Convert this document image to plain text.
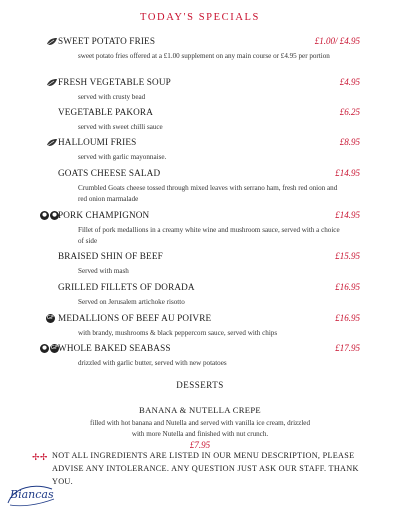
TODAY'S SPECIALS
SWEET POTATO FRIES	£1.00/ £4.95
sweet potato fries offered at a £1.00 supplement on any main course or £4.95 per portion
FRESH VEGETABLE SOUP	£4.95
served with crusty bead
VEGETABLE PAKORA	£6.25
served with sweet chilli sauce
HALLOUMI FRIES	£8.95
served with garlic mayonnaise.
GOATS CHEESE SALAD	£14.95
Crumbled Goats cheese tossed through mixed leaves with serrano ham, fresh red onion and red onion marmalade
● ● PORK CHAMPIGNON	£14.95
Fillet of pork medallions in a creamy white wine and mushroom sauce, served with a choice of side
BRAISED SHIN OF BEEF	£15.95
Served with mash
GRILLED FILLETS OF DORADA	£16.95
Served on Jerusalem artichoke risotto
GF MEDALLIONS OF BEEF AU POIVRE	£16.95
with brandy, mushrooms & black peppercorn sauce, served with chips
● GF WHOLE BAKED SEABASS	£17.95
drizzled with garlic butter, served with new potatoes
DESSERTS
BANANA & NUTELLA CREPE
filled with hot banana and Nutella and served with vanilla ice cream, drizzled with more Nutella and finished with nut crunch.
£7.95
✢✢ NOT ALL INGREDIENTS ARE LISTED IN OUR MENU DESCRIPTION, PLEASE ADVISE ANY INTOLERANCE. ANY QUESTION JUST ASK OUR STAFF. THANK YOU.
Biancas
